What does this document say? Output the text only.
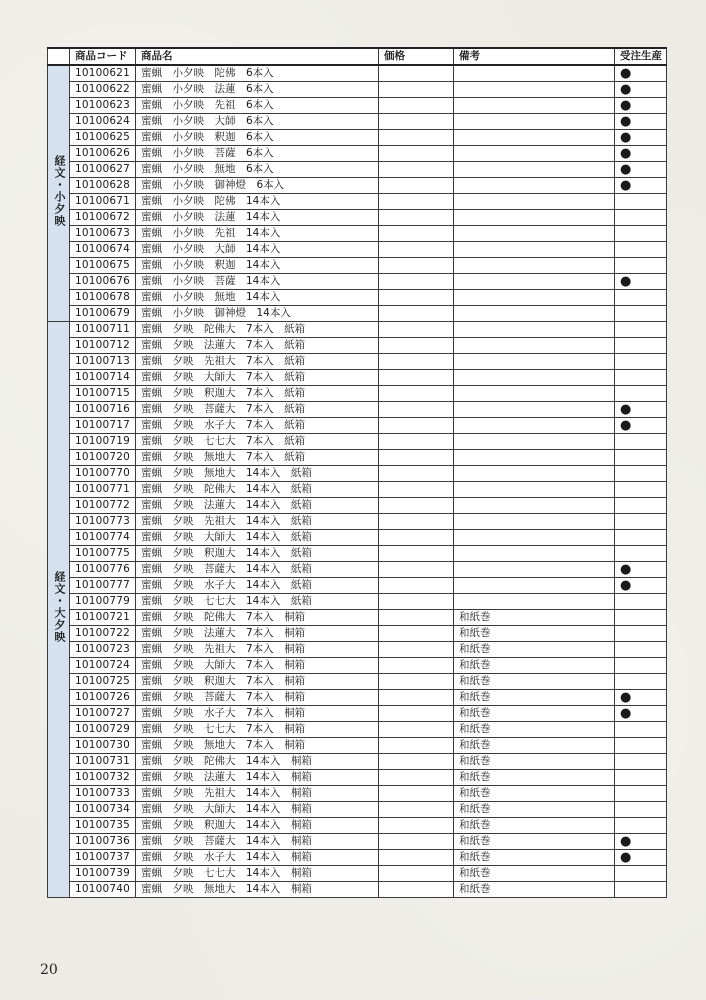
	商品コード	商品名	価格	備考	受注生産
経文・小夕映	10100621	蜜蝋　小夕映　陀佛　6本入			●
	10100622	蜜蝋　小夕映　法蓮　6本入			●
	10100623	蜜蝋　小夕映　先祖　6本入			●
	10100624	蜜蝋　小夕映　大師　6本入			●
	10100625	蜜蝋　小夕映　釈迦　6本入			●
	10100626	蜜蝋　小夕映　菩薩　6本入			●
	10100627	蜜蝋　小夕映　無地　6本入			●
	10100628	蜜蝋　小夕映　御神燈　6本入			●
	10100671	蜜蝋　小夕映　陀佛　14本入			
	10100672	蜜蝋　小夕映　法蓮　14本入			
	10100673	蜜蝋　小夕映　先祖　14本入			
	10100674	蜜蝋　小夕映　大師　14本入			
	10100675	蜜蝋　小夕映　釈迦　14本入			
	10100676	蜜蝋　小夕映　菩薩　14本入			●
	10100678	蜜蝋　小夕映　無地　14本入			
	10100679	蜜蝋　小夕映　御神燈　14本入			
経文・大夕映	10100711	蜜蝋　夕映　陀佛大　7本入　紙箱			
	10100712	蜜蝋　夕映　法蓮大　7本入　紙箱			
	10100713	蜜蝋　夕映　先祖大　7本入　紙箱			
	10100714	蜜蝋　夕映　大師大　7本入　紙箱			
	10100715	蜜蝋　夕映　釈迦大　7本入　紙箱			
	10100716	蜜蝋　夕映　菩薩大　7本入　紙箱			●
	10100717	蜜蝋　夕映　水子大　7本入　紙箱			●
	10100719	蜜蝋　夕映　七七大　7本入　紙箱			
	10100720	蜜蝋　夕映　無地大　7本入　紙箱			
	10100770	蜜蝋　夕映　無地大　14本入　紙箱			
	10100771	蜜蝋　夕映　陀佛大　14本入　紙箱			
	10100772	蜜蝋　夕映　法蓮大　14本入　紙箱			
	10100773	蜜蝋　夕映　先祖大　14本入　紙箱			
	10100774	蜜蝋　夕映　大師大　14本入　紙箱			
	10100775	蜜蝋　夕映　釈迦大　14本入　紙箱			
	10100776	蜜蝋　夕映　菩薩大　14本入　紙箱			●
	10100777	蜜蝋　夕映　水子大　14本入　紙箱			●
	10100779	蜜蝋　夕映　七七大　14本入　紙箱			
	10100721	蜜蝋　夕映　陀佛大　7本入　桐箱		和紙巻	
	10100722	蜜蝋　夕映　法蓮大　7本入　桐箱		和紙巻	
	10100723	蜜蝋　夕映　先祖大　7本入　桐箱		和紙巻	
	10100724	蜜蝋　夕映　大師大　7本入　桐箱		和紙巻	
	10100725	蜜蝋　夕映　釈迦大　7本入　桐箱		和紙巻	
	10100726	蜜蝋　夕映　菩薩大　7本入　桐箱		和紙巻	●
	10100727	蜜蝋　夕映　水子大　7本入　桐箱		和紙巻	●
	10100729	蜜蝋　夕映　七七大　7本入　桐箱		和紙巻	
	10100730	蜜蝋　夕映　無地大　7本入　桐箱		和紙巻	
	10100731	蜜蝋　夕映　陀佛大　14本入　桐箱		和紙巻	
	10100732	蜜蝋　夕映　法蓮大　14本入　桐箱		和紙巻	
	10100733	蜜蝋　夕映　先祖大　14本入　桐箱		和紙巻	
	10100734	蜜蝋　夕映　大師大　14本入　桐箱		和紙巻	
	10100735	蜜蝋　夕映　釈迦大　14本入　桐箱		和紙巻	
	10100736	蜜蝋　夕映　菩薩大　14本入　桐箱		和紙巻	●
	10100737	蜜蝋　夕映　水子大　14本入　桐箱		和紙巻	●
	10100739	蜜蝋　夕映　七七大　14本入　桐箱		和紙巻	
	10100740	蜜蝋　夕映　無地大　14本入　桐箱		和紙巻	
20
